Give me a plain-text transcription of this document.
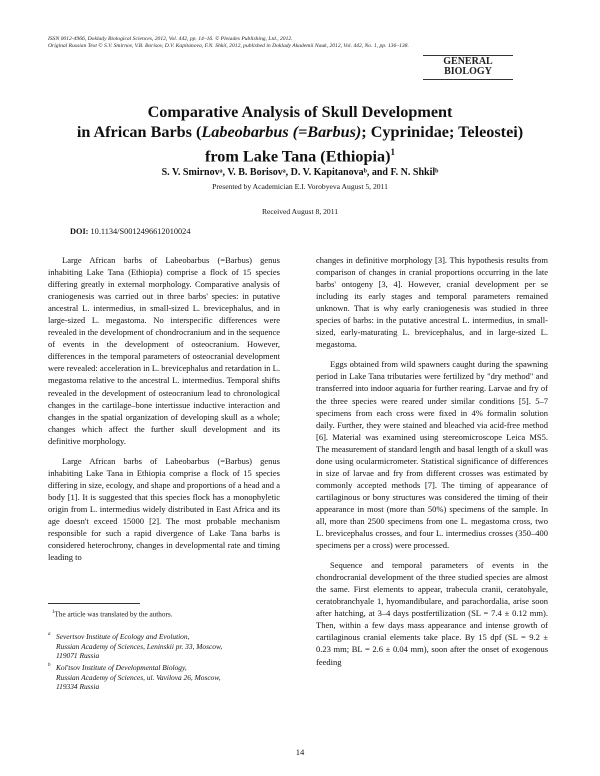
ISSN 0012-4966, Doklady Biological Sciences, 2012, Vol. 442, pp. 14–16. © Pleiades Publishing, Ltd., 2012.
Original Russian Text © S.V. Smirnov, V.B. Borisov, D.V. Kapitanova, F.N. Shkil, 2012, published in Doklady Akademii Nauk, 2012, Vol. 442, No. 1, pp. 136–138.
GENERAL
BIOLOGY
Comparative Analysis of Skull Development
in African Barbs (Labeobarbus (=Barbus); Cyprinidae; Teleostei)
from Lake Tana (Ethiopia)$^1$
S. V. Smirnovᵃ, V. B. Borisovᵃ, D. V. Kapitanovaᵇ, and F. N. Shkilᵇ
Presented by Academician E.I. Vorobyeva August 5, 2011
Received August 8, 2011
DOI: 10.1134/S0012496612010024

Large African barbs of Labeobarbus (=Barbus) genus inhabiting Lake Tana (Ethiopia) comprise a flock of 15 species differing greatly in external morphology. Comparative analysis of craniogenesis was carried out in three barbs' species: in putative ancestral L. intermedius, in small-sized L. brevicephalus, and in large-sized L. megastoma. No interspecific differences were revealed in the development of chondrocranium and in the sequence of events in the development of osteocranium. However, differences in the temporal parameters of osteocranial development were revealed: acceleration in L. brevicephalus and retardation in L. megastoma relative to the ancestral L. intermedius. Temporal shifts revealed in the development of osteocranium lead to chronological changes in the cartilage–bone intertissue inductive interaction and changes in the spatial organization of developing skull as a whole; changes which affect the further skull development and its definitive morphology.

Large African barbs of Labeobarbus (=Barbus) genus inhabiting Lake Tana in Ethiopia comprise a flock of 15 species differing in size, ecology, and shape and proportions of a head and a body [1]. It is suggested that this species flock has a monophyletic origin from L. intermedius widely distributed in East Africa and its age doesn't exceed 15000 [2]. The most probable mechanism responsible for such a rapid divergence of Lake Tana barbs is considered heterochrony, changes in developmental rate and timing leading to

changes in definitive morphology [3]. This hypothesis results from comparison of changes in cranial proportions occurring in the late barbs' ontogeny [3, 4]. However, cranial development per se including its early stages and temporal parameters remained unknown. That is why early craniogenesis was studied in three species of barbs: in the putative ancestral L. intermedius, in small-sized, early-maturating L. brevicephalus, and in large-sized L. megastoma.

Eggs obtained from wild spawners caught during the spawning period in Lake Tana tributaries were fertilized by "dry method" and transferred into indoor aquaria for further rearing. Larvae and fry of the three species were reared under similar conditions [5]. 5–7 specimens from each cross were fixed in 4% formalin solution daily. Further, they were stained and bleached via acid-free method [6]. Material was examined using stereomicroscope Leica MS5. The measurement of standard length and basal length of a skull was done using ocularmicrometer. Statistical significance of differences in size of larvae and fry from different crosses was estimated by commonly accepted methods [7]. The timing of appearance of cartilaginous or bony structures was considered the timing of their appearance in most (more than 50%) specimens of the sample. In all, more than 2500 specimens from one L. megastoma cross, two L. brevicephalus crosses, and four L. intermedius crosses (350–400 specimens per a cross) were processed.

Sequence and temporal parameters of events in the chondrocranial development of the three studied species are almost the same. First elements to appear, trabecula cranii, ceratohyale, ceratobranchyale 1, hyomandibulare, and parachordalia, arise soon after hatching, at 3–4 days postfertilization (SL = 7.4 ± 0.12 mm). Then, within a few days mass appearance and intense growth of cartilaginous cranial elements take place. By 15 dpf (SL = 9.2 ± 0.23 mm; BL = 2.6 ± 0.04 mm), soon after the onset of exogenous feeding

$^1$The article was translated by the authors.
a Severtsov Institute of Ecology and Evolution,
Russian Academy of Sciences, Leninskii pr. 33, Moscow,
119071 Russia
b Kol'tsov Institute of Developmental Biology,
Russian Academy of Sciences, ul. Vavilova 26, Moscow,
119334 Russia
14
